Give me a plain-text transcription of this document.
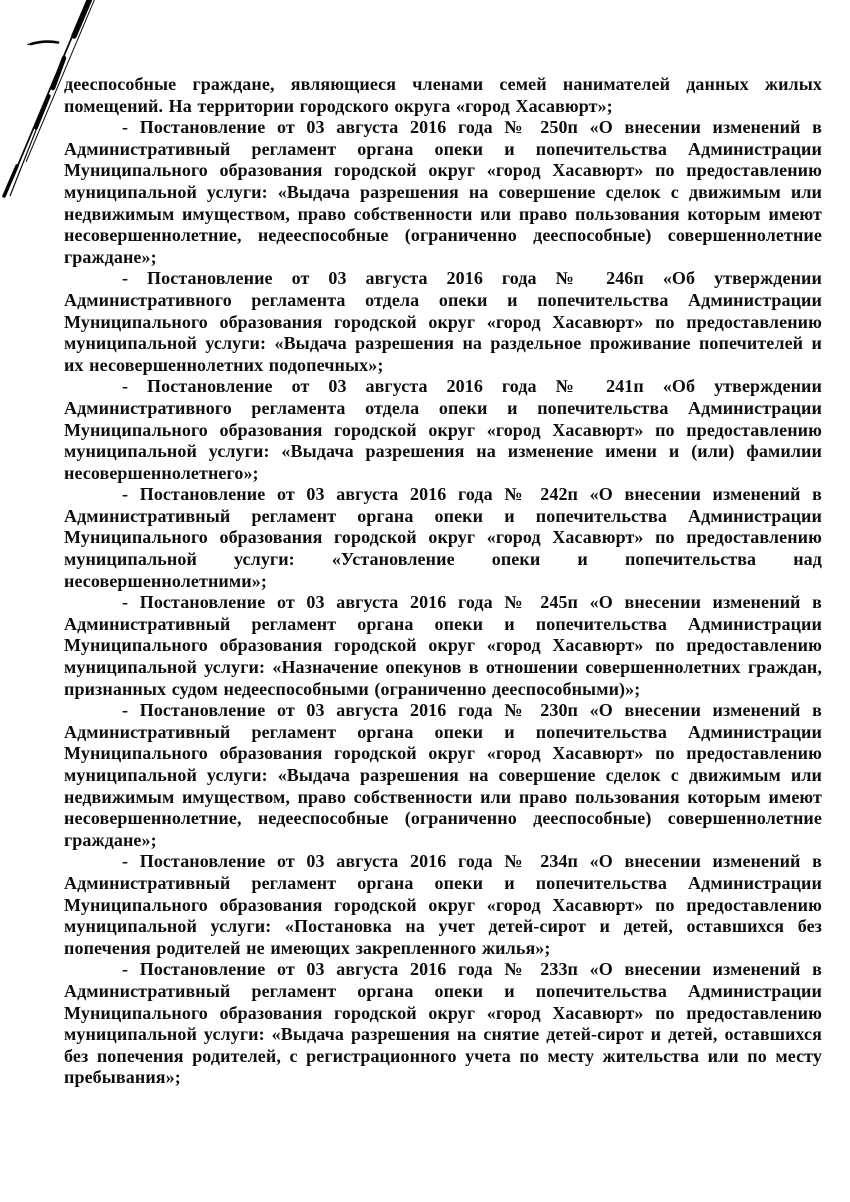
дееспособные граждане, являющиеся членами семей нанимателей данных жилых помещений. На территории городского округа «город Хасавюрт»;

- Постановление от 03 августа 2016 года № 250п «О внесении изменений в Административный регламент органа опеки и попечительства Администрации Муниципального образования городской округ «город Хасавюрт» по предоставлению муниципальной услуги: «Выдача разрешения на совершение сделок с движимым или недвижимым имуществом, право собственности или право пользования которым имеют несовершеннолетние, недееспособные (ограниченно дееспособные) совершеннолетние граждане»;

- Постановление от 03 августа 2016 года № 246п «Об утверждении Административного регламента отдела опеки и попечительства Администрации Муниципального образования городской округ «город Хасавюрт» по предоставлению муниципальной услуги: «Выдача разрешения на раздельное проживание попечителей и их несовершеннолетних подопечных»;

- Постановление от 03 августа 2016 года № 241п «Об утверждении Административного регламента отдела опеки и попечительства Администрации Муниципального образования городской округ «город Хасавюрт» по предоставлению муниципальной услуги: «Выдача разрешения на изменение имени и (или) фамилии несовершеннолетнего»;

- Постановление от 03 августа 2016 года № 242п «О внесении изменений в Административный регламент органа опеки и попечительства Администрации Муниципального образования городской округ «город Хасавюрт» по предоставлению муниципальной услуги: «Установление опеки и попечительства над несовершеннолетними»;

- Постановление от 03 августа 2016 года № 245п «О внесении изменений в Административный регламент органа опеки и попечительства Администрации Муниципального образования городской округ «город Хасавюрт» по предоставлению муниципальной услуги: «Назначение опекунов в отношении совершеннолетних граждан, признанных судом недееспособными (ограниченно дееспособными)»;

- Постановление от 03 августа 2016 года № 230п «О внесении изменений в Административный регламент органа опеки и попечительства Администрации Муниципального образования городской округ «город Хасавюрт» по предоставлению муниципальной услуги: «Выдача разрешения на совершение сделок с движимым или недвижимым имуществом, право собственности или право пользования которым имеют несовершеннолетние, недееспособные (ограниченно дееспособные) совершеннолетние граждане»;

- Постановление от 03 августа 2016 года № 234п «О внесении изменений в Административный регламент органа опеки и попечительства Администрации Муниципального образования городской округ «город Хасавюрт» по предоставлению муниципальной услуги: «Постановка на учет детей-сирот и детей, оставшихся без попечения родителей не имеющих закрепленного жилья»;

- Постановление от 03 августа 2016 года № 233п «О внесении изменений в Административный регламент органа опеки и попечительства Администрации Муниципального образования городской округ «город Хасавюрт» по предоставлению муниципальной услуги: «Выдача разрешения на снятие детей-сирот и детей, оставшихся без попечения родителей, с регистрационного учета по месту жительства или по месту пребывания»;
